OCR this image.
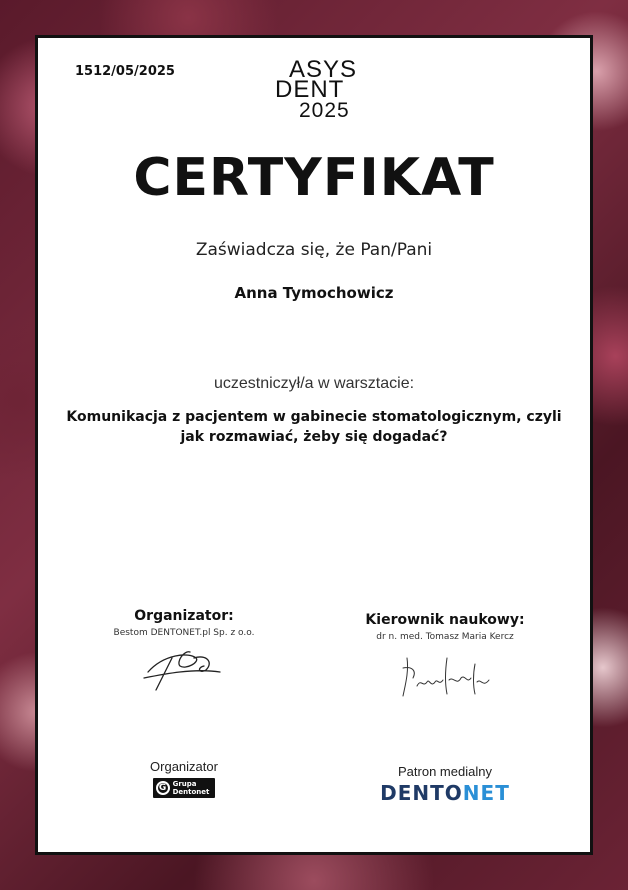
1512/05/2025	ASYS
DENT
2025
CERTYFIKAT
Zaświadcza się, że Pan/Pani
Anna Tymochowicz
uczestniczył/a w warsztacie:
Komunikacja z pacjentem w gabinecie stomatologicznym, czyli
jak rozmawiać, żeby się dogadać?
Organizator:
Bestom DENTONET.pl Sp. z o.o.
Kierownik naukowy:
dr n. med. Tomasz Maria Kercz
Organizator
G Grupa
Dentonet
Patron medialny
DENTONET
